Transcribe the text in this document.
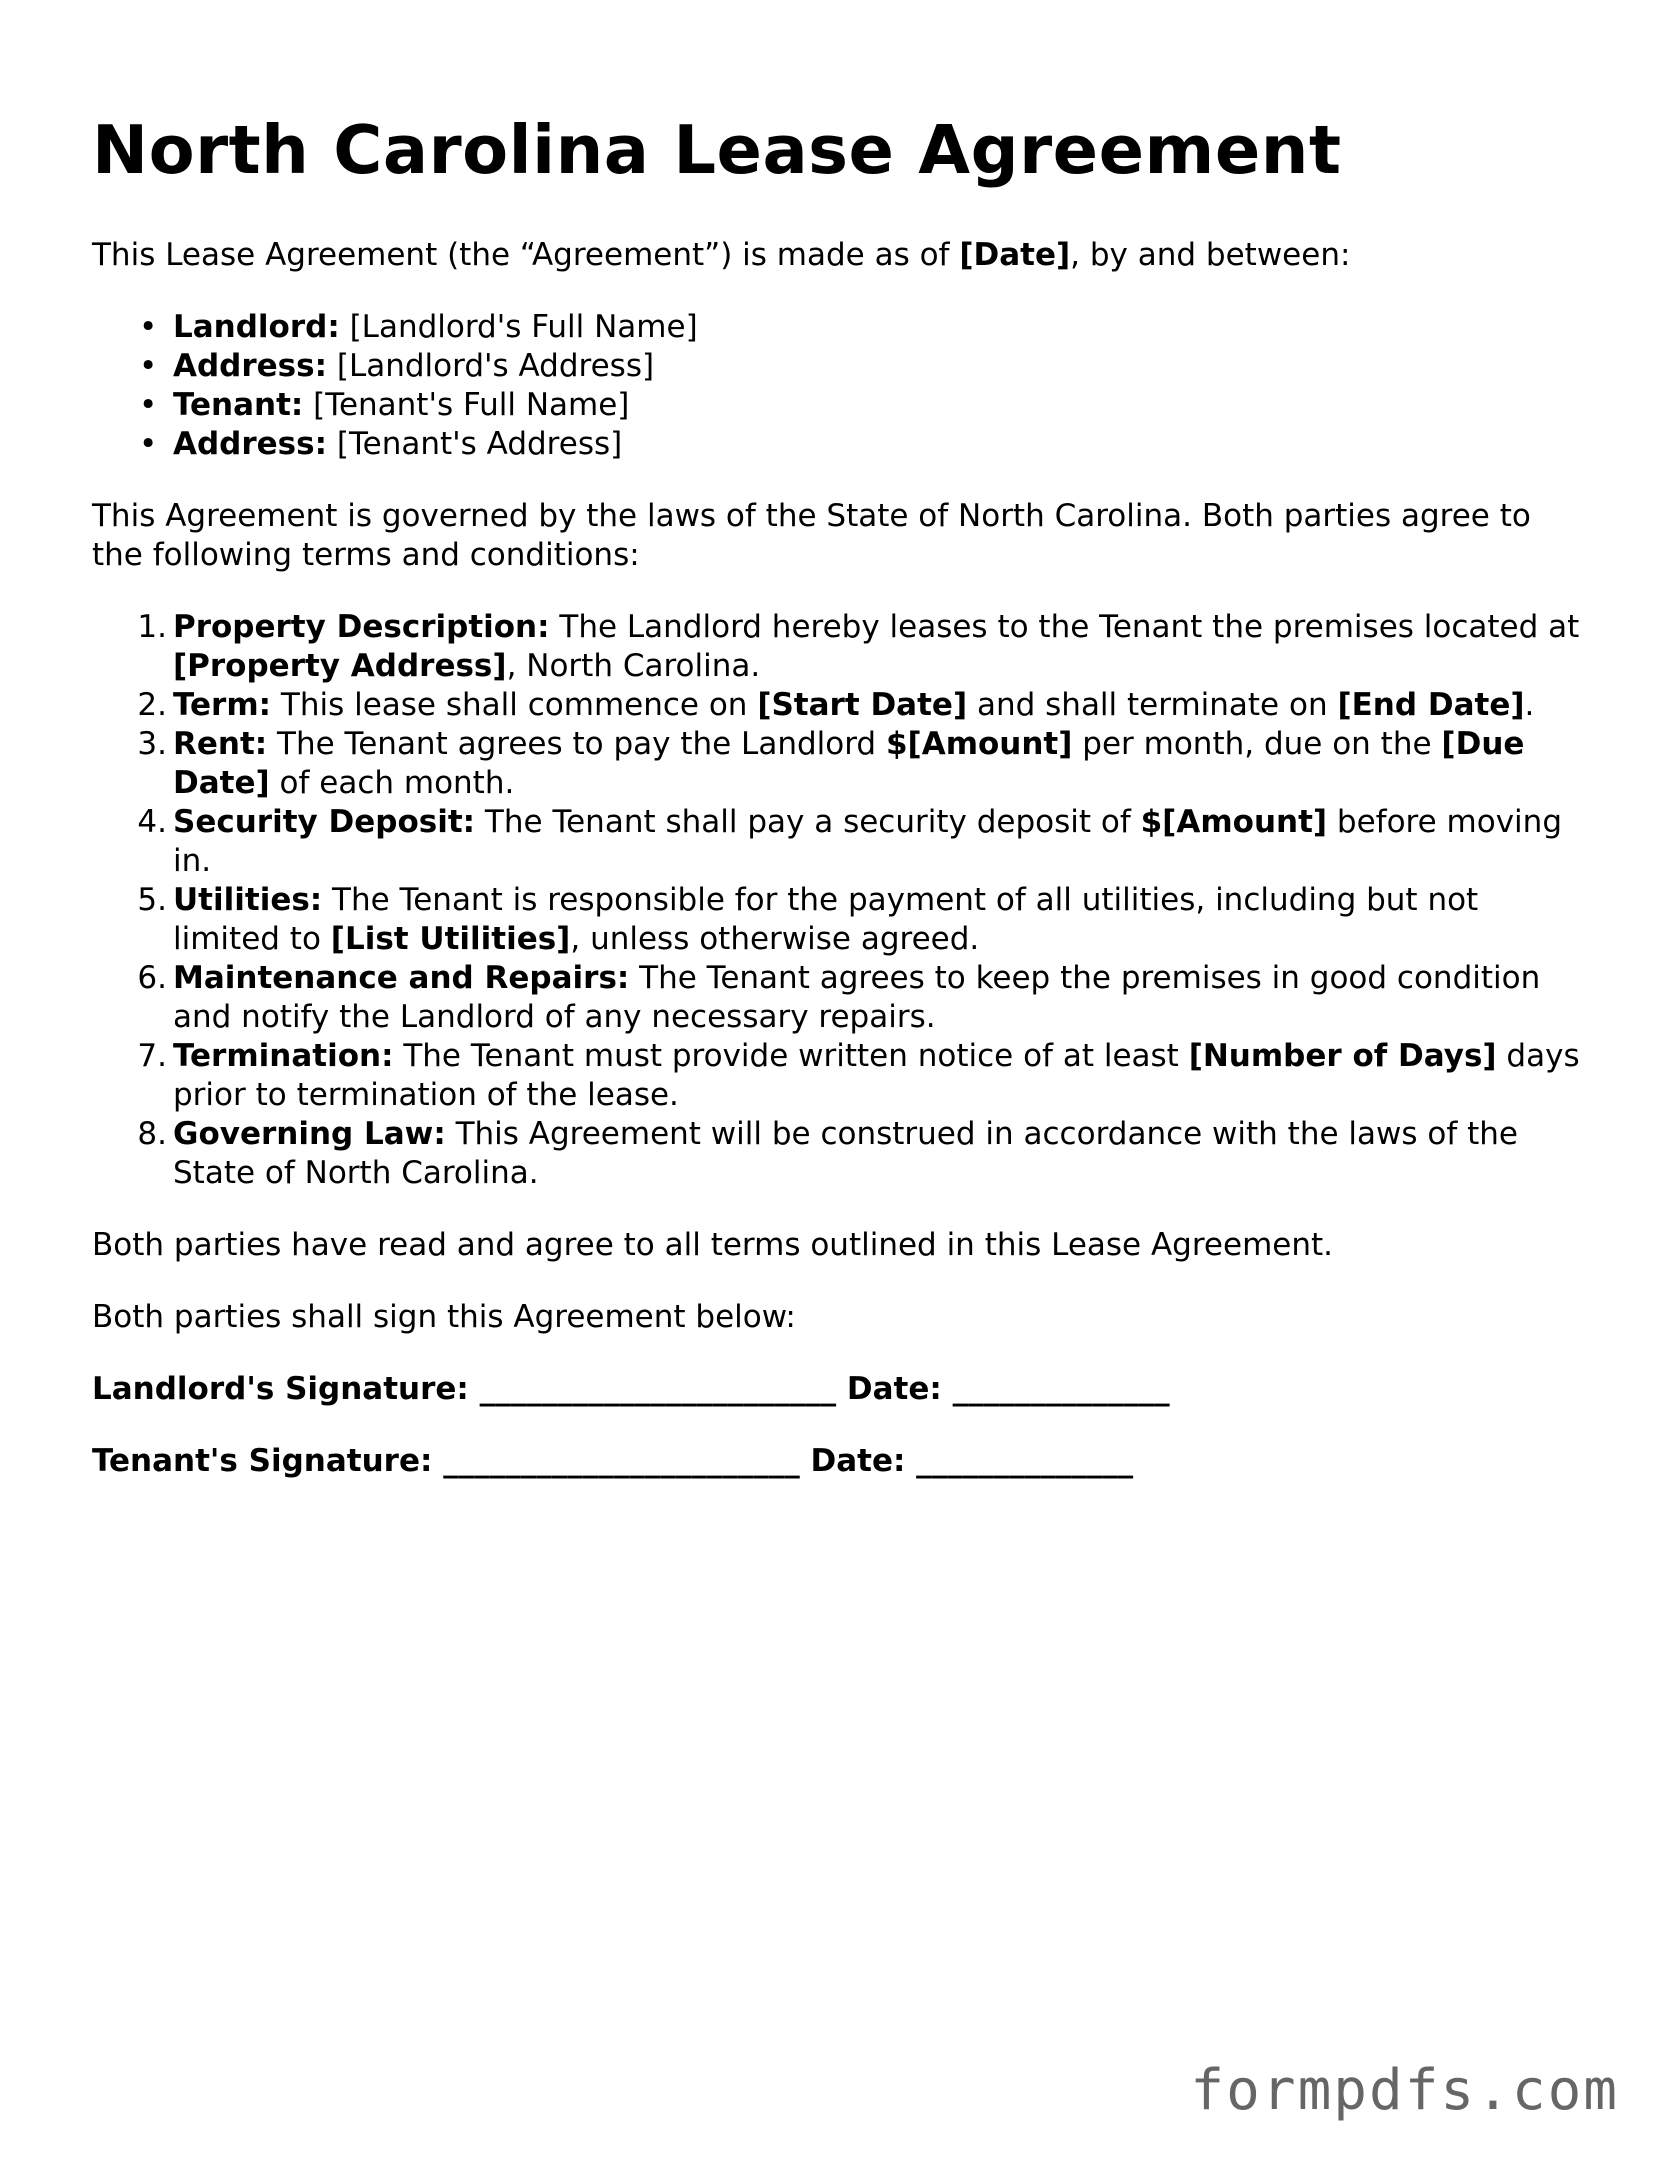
North Carolina Lease Agreement

This Lease Agreement (the “Agreement”) is made as of [Date], by and between:

• Landlord: [Landlord's Full Name]
• Address: [Landlord's Address]
• Tenant: [Tenant's Full Name]
• Address: [Tenant's Address]

This Agreement is governed by the laws of the State of North Carolina. Both parties agree to the following terms and conditions:

1. Property Description: The Landlord hereby leases to the Tenant the premises located at [Property Address], North Carolina.
2. Term: This lease shall commence on [Start Date] and shall terminate on [End Date].
3. Rent: The Tenant agrees to pay the Landlord $[Amount] per month, due on the [Due Date] of each month.
4. Security Deposit: The Tenant shall pay a security deposit of $[Amount] before moving in.
5. Utilities: The Tenant is responsible for the payment of all utilities, including but not limited to [List Utilities], unless otherwise agreed.
6. Maintenance and Repairs: The Tenant agrees to keep the premises in good condition and notify the Landlord of any necessary repairs.
7. Termination: The Tenant must provide written notice of at least [Number of Days] days prior to termination of the lease.
8. Governing Law: This Agreement will be construed in accordance with the laws of the State of North Carolina.

Both parties have read and agree to all terms outlined in this Lease Agreement.

Both parties shall sign this Agreement below:

Landlord's Signature: _______________________ Date: ______________
Tenant's Signature: _______________________ Date: ______________
formpdfs.com
